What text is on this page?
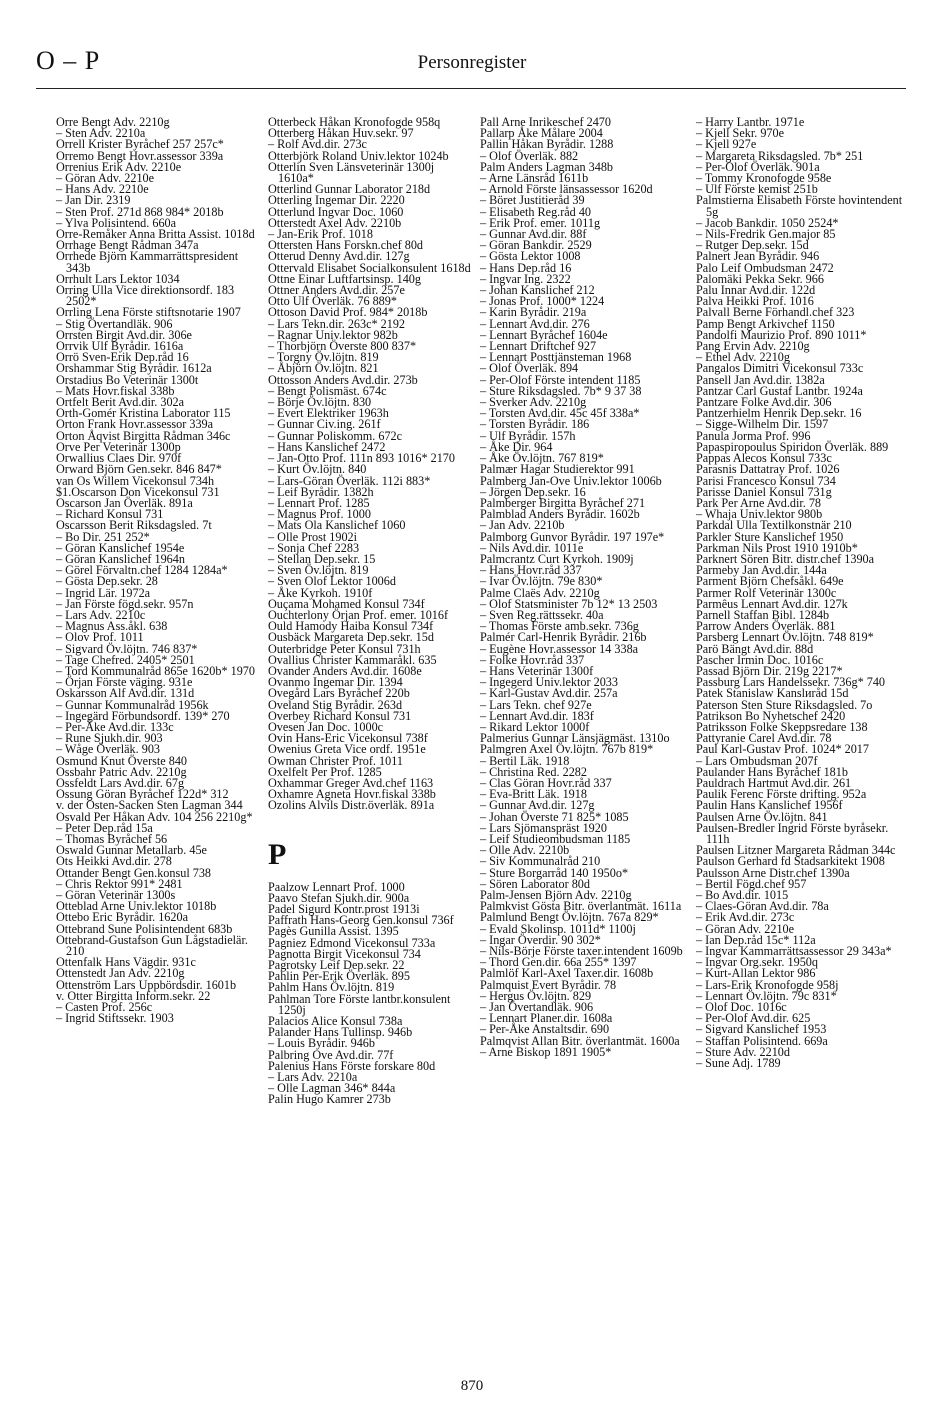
O – P	Personregister
Orre Bengt Adv. 2210g
– Sten Adv. 2210a
Orrell Krister Byråchef 257 257c*
Orremo Bengt Hovr.assessor 339a
Orrenius Erik Adv. 2210e
– Göran Adv. 2210e
– Hans Adv. 2210e
– Jan Dir. 2319
– Sten Prof. 271d 868 984* 2018b
– Ylva Polisintend. 660a
Orre-Remåker Anna Britta Assist. 1018d
Orrhage Bengt Rådman 347a
Orrhede Björn Kammarrättspresident 343b
Orrhult Lars Lektor 1034
Orring Ulla Vice direktionsordf. 183 2502*
Orrling Lena Förste stiftsnotarie 1907
– Stig Övertandläk. 906
Orrsten Birgit Avd.dir. 306e
Orrvik Ulf Byrådir. 1616a
Orrö Sven-Erik Dep.råd 16
Orshammar Stig Byrådir. 1612a
Orstadius Bo Veterinär 1300t
– Mats Hovr.fiskal 338b
Ortfelt Berit Avd.dir. 302a
Orth-Gomér Kristina Laborator 115
Orton Frank Hovr.assessor 339a
Orton Åqvist Birgitta Rådman 346c
Orve Per Veterinär 1300p
Orwallius Claes Dir. 970f
Orward Björn Gen.sekr. 846 847*
van Os Willem Vicekonsul 734h
$1.Oscarson Don Vicekonsul 731
Oscarson Jan Överläk. 891a
– Richard Konsul 731
Oscarsson Berit Riksdagsled. 7t
– Bo Dir. 251 252*
– Göran Kanslichef 1954e
– Göran Kanslichef 1964n
– Görel Förvaltn.chef 1284 1284a*
– Gösta Dep.sekr. 28
– Ingrid Lär. 1972a
– Jan Förste fögd.sekr. 957n
– Lars Adv. 2210c
– Magnus Ass.åkl. 638
– Olov Prof. 1011
– Sigvard Öv.löjtn. 746 837*
– Tage Chefred. 2405* 2501
– Tord Kommunalråd 865e 1620b* 1970
– Örjan Förste väging. 931e
Oskarsson Alf Avd.dir. 131d
– Gunnar Kommunalråd 1956k
– Ingegärd Förbundsordf. 139* 270
– Per-Åke Avd.dir. 133c
– Rune Sjukh.dir. 903
– Wåge Överläk. 903
Osmund Knut Överste 840
Ossbahr Patric Adv. 2210g
Ossfeldt Lars Avd.dir. 67g
Ossung Göran Byråchef 122d* 312
v. der Osten-Sacken Sten Lagman 344
Osvald Per Håkan Adv. 104 256 2210g*
– Peter Dep.råd 15a
– Thomas Byråchef 56
Oswald Gunnar Metallarb. 45e
Ots Heikki Avd.dir. 278
Ottander Bengt Gen.konsul 738
– Chris Rektor 991* 2481
– Göran Veterinär 1300s
Otteblad Arne Univ.lektor 1018b
Ottebo Eric Byrådir. 1620a
Ottebrand Sune Polisintendent 683b
Ottebrand-Gustafson Gun Lågstadielär. 210
Ottenfalk Hans Vägdir. 931c
Ottenstedt Jan Adv. 2210g
Ottenström Lars Uppbördsdir. 1601b
v. Otter Birgitta Inform.sekr. 22
– Casten Prof. 256c
– Ingrid Stiftssekr. 1903
Otterbeck Håkan Kronofogde 958q
Otterberg Håkan Huv.sekr. 97
– Rolf Avd.dir. 273c
Otterbjörk Roland Univ.lektor 1024b
Otterlin Sven Länsveterinär 1300j 1610a*
Otterlind Gunnar Laborator 218d
Otterling Ingemar Dir. 2220
Otterlund Ingvar Doc. 1060
Otterstedt Axel Adv. 2210b
– Jan-Erik Prof. 1018
Ottersten Hans Forskn.chef 80d
Otterud Denny Avd.dir. 127g
Ottervald Elisabet Socialkonsulent 1618d
Ottne Einar Luftfartsinsp. 140g
Ottner Anders Avd.dir. 257e
Otto Ulf Överläk. 76 889*
Ottoson David Prof. 984* 2018b
– Lars Tekn.dir. 263c* 2192
– Ragnar Univ.lektor 982b
– Thorbjörn Överste 800 837*
– Torgny Öv.löjtn. 819
– Åbjörn Öv.löjtn. 821
Ottosson Anders Avd.dir. 273b
– Bengt Polismäst. 674c
– Börje Öv.löjtn. 830
– Evert Elektriker 1963h
– Gunnar Civ.ing. 261f
– Gunnar Poliskomm. 672c
– Hans Kanslichef 2472
– Jan-Otto Prof. 111n 893 1016* 2170
– Kurt Öv.löjtn. 840
– Lars-Göran Överläk. 112i 883*
– Leif Byrådir. 1382h
– Lennart Prof. 1285
– Magnus Prof. 1000
– Mats Ola Kanslichef 1060
– Olle Prost 1902i
– Sonja Chef 2283
– Stellan Dep.sekr. 15
– Sven Öv.löjtn. 819
– Sven Olof Lektor 1006d
– Åke Kyrkoh. 1910f
Ouçama Mohamed Konsul 734f
Ouchterlony Örjan Prof. emer. 1016f
Ould Hamody Haiba Konsul 734f
Ousbäck Margareta Dep.sekr. 15d
Outerbridge Peter Konsul 731h
Ovallius Christer Kammaråkl. 635
Ovander Anders Avd.dir. 1608e
Ovanmo Ingemar Dir. 1394
Ovegård Lars Byråchef 220b
Oveland Stig Byrådir. 263d
Overbey Richard Konsul 731
Ovesen Jan Doc. 1000c
Ovin Hans-Eric Vicekonsul 738f
Owenius Greta Vice ordf. 1951e
Owman Christer Prof. 1011
Oxelfelt Per Prof. 1285
Oxhammar Greger Avd.chef 1163
Oxhamre Agneta Hovr.fiskal 338b
Ozolins Alvils Distr.överläk. 891a
P
Paalzow Lennart Prof. 1000
Paavo Stefan Sjukh.dir. 900a
Padel Sigurd Kontr.prost 1913i
Paffrath Hans-Georg Gen.konsul 736f
Pagès Gunilla Assist. 1395
Pagniez Edmond Vicekonsul 733a
Pagnotta Birgit Vicekonsul 734
Pagrotsky Leif Dep.sekr. 22
Pahlin Per-Erik Överläk. 895
Pahlm Hans Öv.löjtn. 819
Pahlman Tore Förste lantbr.konsulent 1250j
Palacios Alice Konsul 738a
Palander Hans Tullinsp. 946b
– Louis Byrådir. 946b
Palbring Ove Avd.dir. 77f
Palenius Hans Förste forskare 80d
– Lars Adv. 2210a
– Olle Lagman 346* 844a
Palin Hugo Kamrer 273b
Pall Arne Inrikeschef 2470
Pallarp Åke Målare 2004
Pallin Håkan Byrådir. 1288
– Olof Överläk. 882
Palm Anders Lagman 348b
– Arne Länsråd 1611b
– Arnold Förste länsassessor 1620d
– Böret Justitieråd 39
– Elisabeth Reg.råd 40
– Erik Prof. emer. 1011g
– Gunnar Avd.dir. 88f
– Göran Bankdir. 2529
– Gösta Lektor 1008
– Hans Dep.råd 16
– Ingvar Ing. 2322
– Johan Kanslichef 212
– Jonas Prof. 1000* 1224
– Karin Byrådir. 219a
– Lennart Avd.dir. 276
– Lennart Byråchef 1604e
– Lennart Driftchef 927
– Lennart Posttjänsteman 1968
– Olof Överläk. 894
– Per-Olof Förste intendent 1185
– Sture Riksdagsled. 7b* 9 37 38
– Sverker Adv. 2210g
– Torsten Avd.dir. 45c 45f 338a*
– Torsten Byrådir. 186
– Ulf Byrådir. 157h
– Åke Dir. 964
– Åke Öv.löjtn. 767 819*
Palmær Hagar Studierektor 991
Palmberg Jan-Ove Univ.lektor 1006b
– Jörgen Dep.sekr. 16
Palmberger Birgitta Byråchef 271
Palmblad Anders Byrådir. 1602b
– Jan Adv. 2210b
Palmborg Gunvor Byrådir. 197 197e*
– Nils Avd.dir. 1011e
Palmcrantz Curt Kyrkoh. 1909j
– Hans Hovr.råd 337
– Ivar Öv.löjtn. 79e 830*
Palme Claës Adv. 2210g
– Olof Statsminister 7b 12* 13 2503
– Sven Reg.rättssekr. 40a
– Thomas Förste amb.sekr. 736g
Palmér Carl-Henrik Byrådir. 216b
– Eugène Hovr.assessor 14 338a
– Folke Hovr.råd 337
– Hans Veterinär 1300f
– Ingegerd Univ.lektor 2033
– Karl-Gustav Avd.dir. 257a
– Lars Tekn. chef 927e
– Lennart Avd.dir. 183f
– Rikard Lektor 1000f
Palmerius Gunnar Länsjägmäst. 1310o
Palmgren Axel Öv.löjtn. 767b 819*
– Bertil Läk. 1918
– Christina Red. 2282
– Clas Göran Hovr.råd 337
– Eva-Britt Läk. 1918
– Gunnar Avd.dir. 127g
– Johan Överste 71 825* 1085
– Lars Sjömanspräst 1920
– Leif Studieombudsman 1185
– Olle Adv. 2210b
– Siv Kommunalråd 210
– Sture Borgarråd 140 1950o*
– Sören Laborator 80d
Palm-Jensen Björn Adv. 2210g
Palmkvist Gösta Bitr. överlantmät. 1611a
Palmlund Bengt Öv.löjtn. 767a 829*
– Evald Skolinsp. 1011d* 1100j
– Ingar Överdir. 90 302*
– Nils-Börje Förste taxer.intendent 1609b
– Thord Gen.dir. 66a 255* 1397
Palmlöf Karl-Axel Taxer.dir. 1608b
Palmquist Evert Byrådir. 78
– Hergus Öv.löjtn. 829
– Jan Övertandläk. 906
– Lennart Planer.dir. 1608a
– Per-Åke Anstaltsdir. 690
Palmqvist Allan Bitr. överlantmät. 1600a
– Arne Biskop 1891 1905*
– Harry Lantbr. 1971e
– Kjell Sekr. 970e
– Kjell 927e
– Margareta Riksdagsled. 7b* 251
– Per-Olof Överläk. 901a
– Tommy Kronofogde 958e
– Ulf Förste kemist 251b
Palmstierna Elisabeth Förste hovintendent 5g
– Jacob Bankdir. 1050 2524*
– Nils-Fredrik Gen.major 85
– Rutger Dep.sekr. 15d
Palnert Jean Byrådir. 946
Palo Leif Ombudsman 2472
Palomäki Pekka Sekr. 966
Palu Innar Avd.dir. 122d
Palva Heikki Prof. 1016
Palvall Berne Förhandl.chef 323
Pamp Bengt Arkivchef 1150
Pandolfi Maurizio Prof. 890 1011*
Pang Ervin Adv. 2210g
– Ethel Adv. 2210g
Pangalos Dimitri Vicekonsul 733c
Pansell Jan Avd.dir. 1382a
Pantzar Carl Gustaf Lantbr. 1924a
Pantzare Folke Avd.dir. 306
Pantzerhielm Henrik Dep.sekr. 16
– Sigge-Wilhelm Dir. 1597
Panula Jorma Prof. 996
Papaspiropoulus Spiridon Överläk. 889
Pappas Alecos Konsul 733c
Parasnis Dattatray Prof. 1026
Parisi Francesco Konsul 734
Parisse Daniel Konsul 731g
Park Per Arne Avd.dir. 78
– Whaja Univ.lektor 980b
Parkdal Ulla Textilkonstnär 210
Parkler Sture Kanslichef 1950
Parkman Nils Prost 1910 1910b*
Parknert Sören Bitr. distr.chef 1390a
Parmeby Jan Avd.dir. 144a
Parment Björn Chefsåkl. 649e
Parmer Rolf Veterinär 1300c
Parmêus Lennart Avd.dir. 127k
Parnell Staffan Bibl. 1284b
Parrow Anders Överläk. 881
Parsberg Lennart Öv.löjtn. 748 819*
Parö Bängt Avd.dir. 88d
Pascher Irmin Doc. 1016c
Passad Björn Dir. 219g 2217*
Passburg Lars Handelssekr. 736g* 740
Patek Stanislaw Kanslиråd 15d
Paterson Sten Sture Riksdagsled. 7o
Patrikson Bo Nyhetschef 2420
Patriksson Folke Skeppsredare 138
Pattyranie Carel Avd.dir. 78
Paul Karl-Gustav Prof. 1024* 2017
– Lars Ombudsman 207f
Paulander Hans Byråchef 181b
Pauldrach Hartmut Avd.dir. 261
Paulik Ferenc Förste drifting. 952a
Paulin Hans Kanslichef 1956f
Paulsen Arne Öv.löjtn. 841
Paulsen-Bredler Ingrid Förste byråsekr. 111h
Paulsen Litzner Margareta Rådman 344c
Paulson Gerhard fd Stadsarkitekt 1908
Paulsson Arne Distr.chef 1390a
– Bertil Fögd.chef 957
– Bo Avd.dir. 1015
– Claes-Göran Avd.dir. 78a
– Erik Avd.dir. 273c
– Göran Adv. 2210e
– Ian Dep.råd 15c* 112a
– Ingvar Kammarrättsassessor 29 343a*
– Ingvar Org.sekr. 1950q
– Kurt-Allan Lektor 986
– Lars-Erik Kronofogde 958j
– Lennart Öv.löjtn. 79c 831*
– Olof Doc. 1016c
– Per-Olof Avd.dir. 625
– Sigvard Kanslichef 1953
– Staffan Polisintend. 669a
– Sture Adv. 2210d
– Sune Adj. 1789
870
